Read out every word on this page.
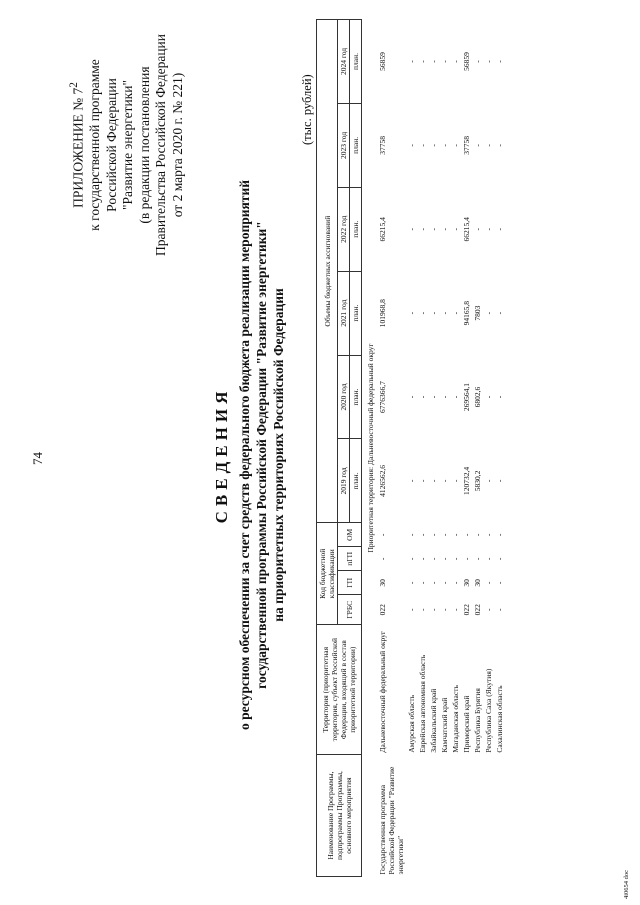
74
ПРИЛОЖЕНИЕ № $7^2$ к государственной программе Российской Федерации "Развитие энергетики" (в редакции постановления Правительства Российской Федерации от 2 марта 2020 г. № 221)
СВЕДЕНИЯ о ресурсном обеспечении за счет средств федерального бюджета реализации мероприятий государственной программы Российской Федерации "Развитие энергетики" на приоритетных территориях Российской Федерации
(тыс. рублей)
Наименование Программы, подпрограммы Программы, основного мероприятия	Территория (приоритетная территория, субъект Российской Федерации, входящий в состав приоритетной территории)	Код бюджетной классификации				Объемы бюджетных ассигнований					
		ГРБС	ГП	пГП	ОМ	2019 год	2020 год	2021 год	2022 год	2023 год	2024 год
						план.	план.	план.	план.	план.	план.
Приоритетная территория: Дальневосточный федеральный округ											
Государственная программа Российской Федерации "Развитие энергетики"	Дальневосточный федеральный округ	022	30	-	-	4126562,6	6776366,7	101968,8	66215,4	37758	56859
	Амурская область	-	-	-	-	-	-	-	-	-	-
	Еврейская автономная область	-	-	-	-	-	-	-	-	-	-
	Забайкальский край	-	-	-	-	-	-	-	-	-	-
	Камчатский край	-	-	-	-	-	-	-	-	-	-
	Магаданская область	-	-	-	-	-	-	-	-	-	-
	Приморский край	022	30	-	-	120732,4	269564,1	94165,8	66215,4	37758	56859
	Республика Бурятия	022	30	-	-	5830,2	6802,6	7803	-	-	-
	Республика Саха (Якутия)	-	-	-	-	-	-	-	-	-	-
	Сахалинская область	-	-	-	-	-	-	-	-	-	-
4i0654 doc
